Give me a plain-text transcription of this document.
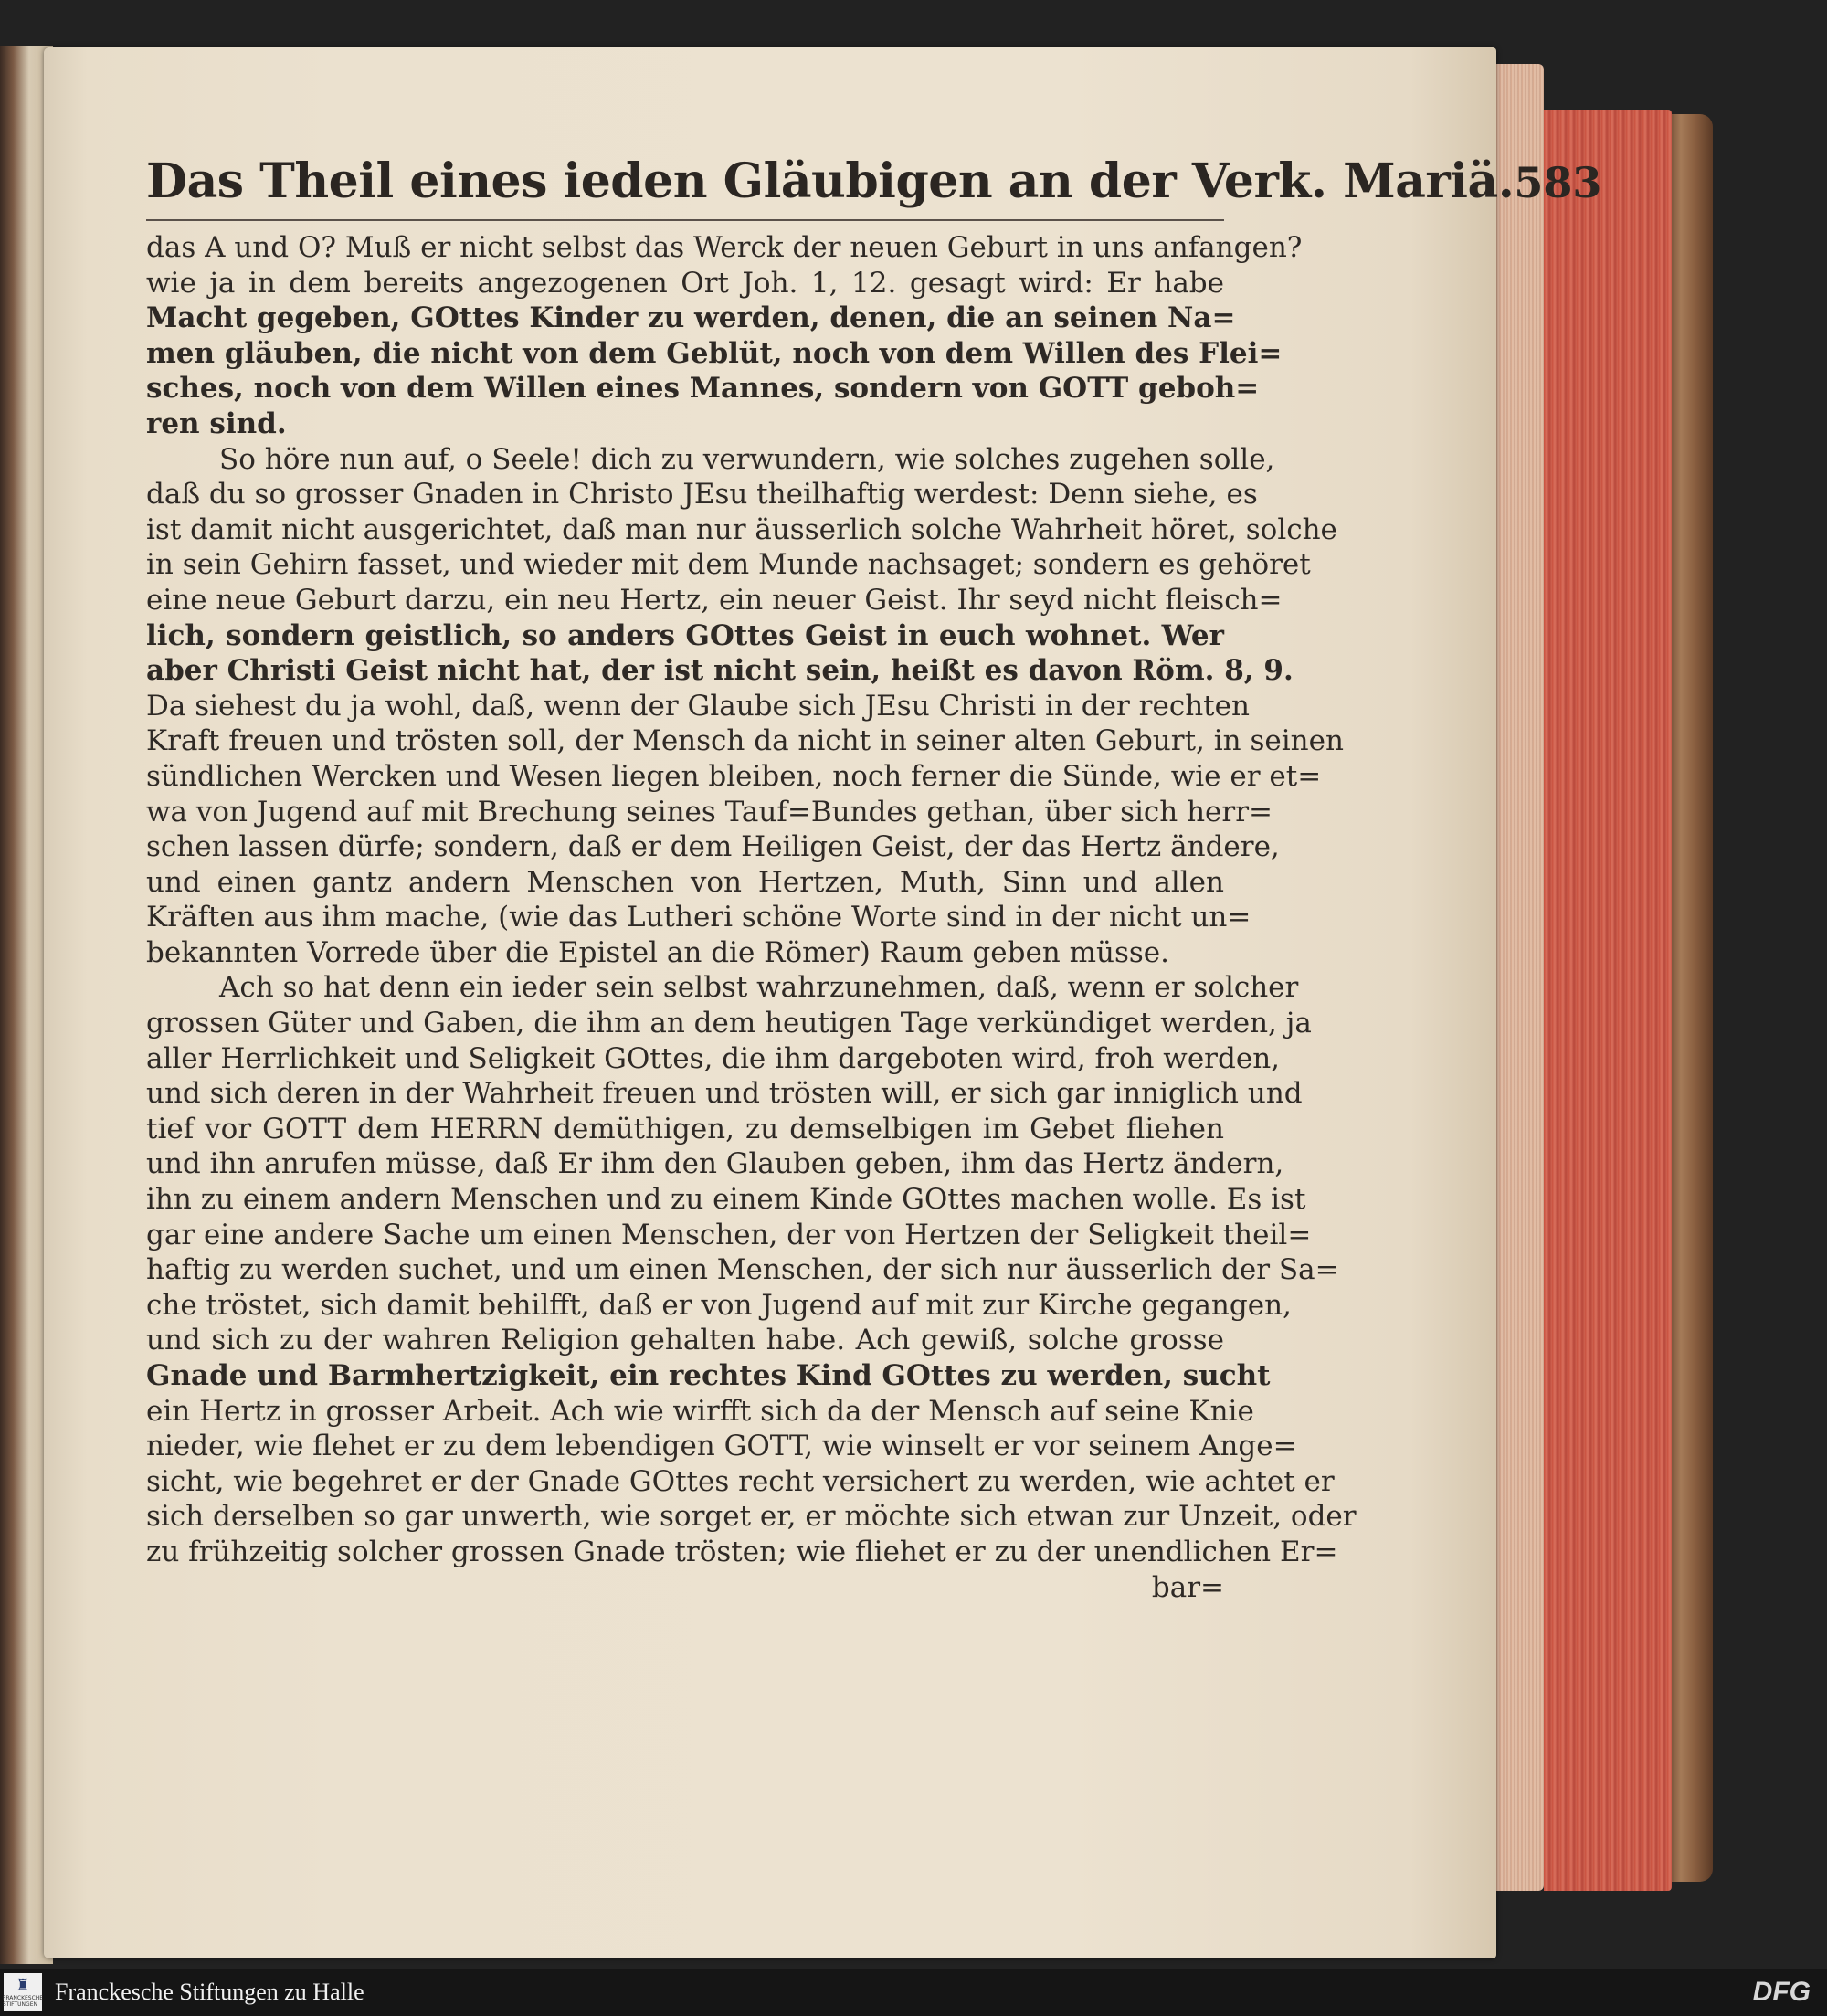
Das Theil eines ieden Gläubigen an der Verk. Mariä. 583
das A und O? Muß er nicht selbst das Werck der neuen Geburt in uns anfangen?
wie ja in dem bereits angezogenen Ort Joh. 1, 12. gesagt wird: Er habe
Macht gegeben, GOttes Kinder zu werden, denen, die an seinen Na=
men gläuben, die nicht von dem Geblüt, noch von dem Willen des Flei=
sches, noch von dem Willen eines Mannes, sondern von GOTT geboh=
ren sind.
So höre nun auf, o Seele! dich zu verwundern, wie solches zugehen solle,
daß du so grosser Gnaden in Christo JEsu theilhaftig werdest: Denn siehe, es
ist damit nicht ausgerichtet, daß man nur äusserlich solche Wahrheit höret, solche
in sein Gehirn fasset, und wieder mit dem Munde nachsaget; sondern es gehöret
eine neue Geburt darzu, ein neu Hertz, ein neuer Geist. Ihr seyd nicht fleisch=
lich, sondern geistlich, so anders GOttes Geist in euch wohnet. Wer
aber Christi Geist nicht hat, der ist nicht sein, heißt es davon Röm. 8, 9.
Da siehest du ja wohl, daß, wenn der Glaube sich JEsu Christi in der rechten
Kraft freuen und trösten soll, der Mensch da nicht in seiner alten Geburt, in seinen
sündlichen Wercken und Wesen liegen bleiben, noch ferner die Sünde, wie er et=
wa von Jugend auf mit Brechung seines Tauf=Bundes gethan, über sich herr=
schen lassen dürfe; sondern, daß er dem Heiligen Geist, der das Hertz ändere,
und einen gantz andern Menschen von Hertzen, Muth, Sinn und allen
Kräften aus ihm mache, (wie das Lutheri schöne Worte sind in der nicht un=
bekannten Vorrede über die Epistel an die Römer) Raum geben müsse.
Ach so hat denn ein ieder sein selbst wahrzunehmen, daß, wenn er solcher
grossen Güter und Gaben, die ihm an dem heutigen Tage verkündiget werden, ja
aller Herrlichkeit und Seligkeit GOttes, die ihm dargeboten wird, froh werden,
und sich deren in der Wahrheit freuen und trösten will, er sich gar inniglich und
tief vor GOTT dem HERRN demüthigen, zu demselbigen im Gebet fliehen
und ihn anrufen müsse, daß Er ihm den Glauben geben, ihm das Hertz ändern,
ihn zu einem andern Menschen und zu einem Kinde GOttes machen wolle. Es ist
gar eine andere Sache um einen Menschen, der von Hertzen der Seligkeit theil=
haftig zu werden suchet, und um einen Menschen, der sich nur äusserlich der Sa=
che tröstet, sich damit behilfft, daß er von Jugend auf mit zur Kirche gegangen,
und sich zu der wahren Religion gehalten habe. Ach gewiß, solche grosse
Gnade und Barmhertzigkeit, ein rechtes Kind GOttes zu werden, sucht
ein Hertz in grosser Arbeit. Ach wie wirfft sich da der Mensch auf seine Knie
nieder, wie flehet er zu dem lebendigen GOTT, wie winselt er vor seinem Ange=
sicht, wie begehret er der Gnade GOttes recht versichert zu werden, wie achtet er
sich derselben so gar unwerth, wie sorget er, er möchte sich etwan zur Unzeit, oder
zu frühzeitig solcher grossen Gnade trösten; wie fliehet er zu der unendlichen Er=
bar=
♜
FRANCKESCHE STIFTUNGEN Franckesche Stiftungen zu Halle	DFG
